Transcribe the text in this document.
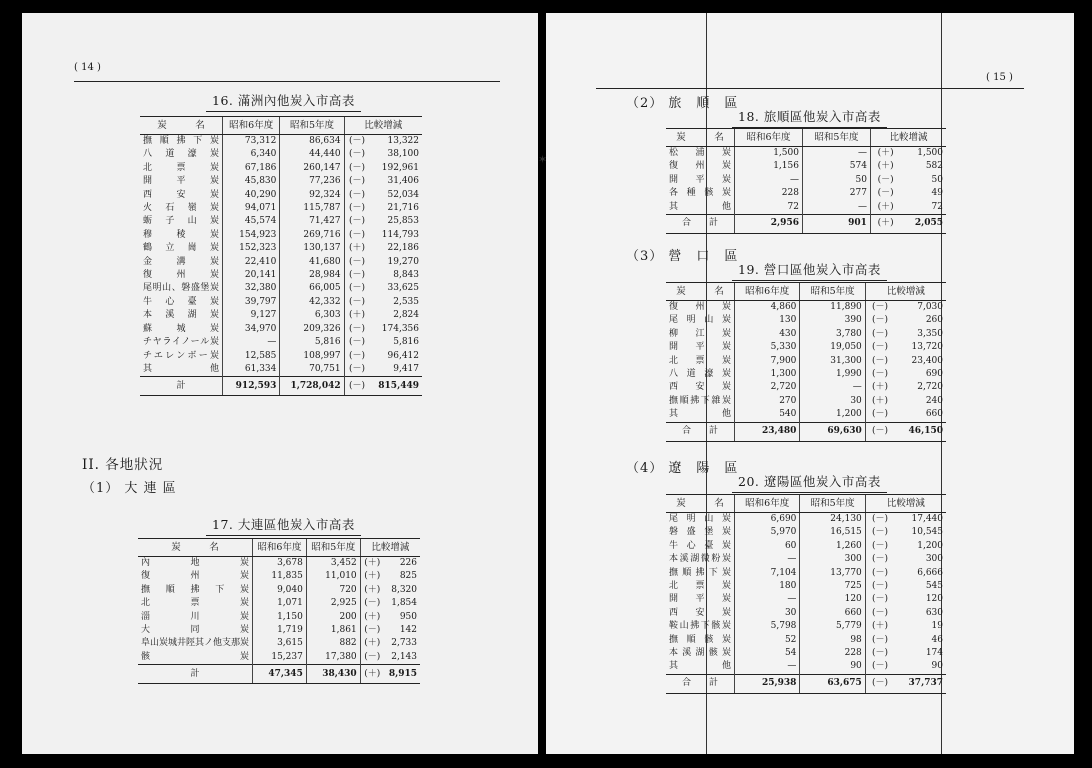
( 14 )
16. 滿洲內他炭入市高表
炭　　　名	昭和6年度	昭和5年度	比較增減	
撫順拂下炭	73,312	86,634	(－)	13,322
八道濠炭	6,340	44,440	(－)	38,100
北票炭	67,186	260,147	(－)	192,961
開平炭	45,830	77,236	(－)	31,406
西安炭	40,290	92,324	(－)	52,034
火石嶺炭	94,071	115,787	(－)	21,716
蛎子山炭	45,574	71,427	(－)	25,853
穆稜炭	154,923	269,716	(－)	114,793
鶴立崗炭	152,323	130,137	(＋)	22,186
金溝炭	22,410	41,680	(－)	19,270
復州炭	20,141	28,984	(－)	8,843
尾明山、磐盛堡炭	32,380	66,005	(－)	33,625
牛心臺炭	39,797	42,332	(－)	2,535
本溪湖炭	9,127	6,303	(＋)	2,824
蘇城炭	34,970	209,326	(－)	174,356
チヤライノール炭	—	5,816	(－)	5,816
チエレンボー炭	12,585	108,997	(－)	96,412
其他	61,334	70,751	(－)	9,417
計	912,593	1,728,042	(－)	815,449
II. 各地狀況
（1） 大 連 區
17. 大連區他炭入市高表
炭　　　名	昭和6年度	昭和5年度	比較增減	
內地炭	3,678	3,452	(＋)	226
復州炭	11,835	11,010	(＋)	825
撫順拂下炭	9,040	720	(＋)	8,320
北票炭	1,071	2,925	(－)	1,854
淄川炭	1,150	200	(＋)	950
大同炭	1,719	1,861	(－)	142
阜山炭城井陘其ノ他支那炭	3,615	882	(＋)	2,733
骸炭	15,237	17,380	(－)	2,143
計	47,345	38,430	(＋)	8,915
✶
( 15 )
（2） 旅　順　區
18. 旅順區他炭入市高表
炭　　　名	昭和6年度	昭和5年度	比較增減	
松浦炭	1,500	—	(＋)	1,500
復州炭	1,156	574	(＋)	582
開平炭	—	50	(－)	50
各種骸炭	228	277	(－)	49
其他	72	—	(＋)	72
合　　計	2,956	901	(＋)	2,055
（3） 營　口　區
19. 營口區他炭入市高表
炭　　　名	昭和6年度	昭和5年度	比較增減	
復州炭	4,860	11,890	(－)	7,030
尾明山炭	130	390	(－)	260
柳江炭	430	3,780	(－)	3,350
開平炭	5,330	19,050	(－)	13,720
北票炭	7,900	31,300	(－)	23,400
八道濠炭	1,300	1,990	(－)	690
西安炭	2,720	—	(＋)	2,720
撫順拂下雜炭	270	30	(＋)	240
其他	540	1,200	(－)	660
合　　計	23,480	69,630	(－)	46,150
（4） 遼　陽　區
20. 遼陽區他炭入市高表
炭　　　名	昭和6年度	昭和5年度	比較增減	
尾明山炭	6,690	24,130	(－)	17,440
磐盛堡炭	5,970	16,515	(－)	10,545
牛心臺炭	60	1,260	(－)	1,200
本溪湖微粉炭	—	300	(－)	300
撫順拂下炭	7,104	13,770	(－)	6,666
北票炭	180	725	(－)	545
開平炭	—	120	(－)	120
西安炭	30	660	(－)	630
鞍山拂下骸炭	5,798	5,779	(＋)	19
撫順骸炭	52	98	(－)	46
本溪湖骸炭	54	228	(－)	174
其他	—	90	(－)	90
合　　計	25,938	63,675	(－)	37,737
